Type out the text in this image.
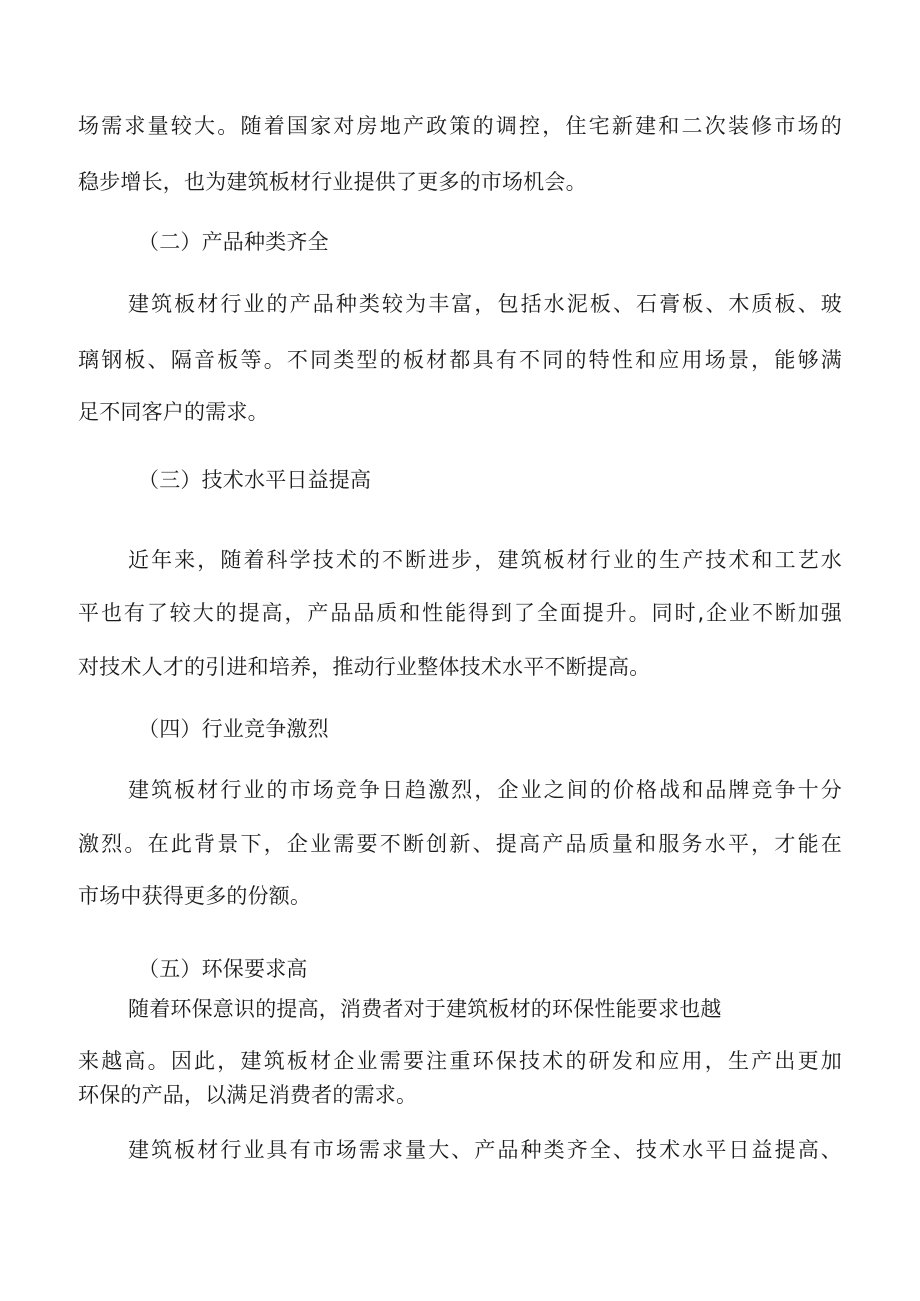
场需求量较大。随着国家对房地产政策的调控，住宅新建和二次装修市场的
稳步增长，也为建筑板材行业提供了更多的市场机会。
（二）产品种类齐全
建筑板材行业的产品种类较为丰富，包括水泥板、石膏板、木质板、玻
璃钢板、隔音板等。不同类型的板材都具有不同的特性和应用场景，能够满
足不同客户的需求。
（三）技术水平日益提高
近年来，随着科学技术的不断进步，建筑板材行业的生产技术和工艺水
平也有了较大的提高，产品品质和性能得到了全面提升。同时,企业不断加强
对技术人才的引进和培养，推动行业整体技术水平不断提高。
（四）行业竞争激烈
建筑板材行业的市场竞争日趋激烈，企业之间的价格战和品牌竞争十分
激烈。在此背景下，企业需要不断创新、提高产品质量和服务水平，才能在
市场中获得更多的份额。
（五）环保要求高
随着环保意识的提高，消费者对于建筑板材的环保性能要求也越
来越高。因此，建筑板材企业需要注重环保技术的研发和应用，生产出更加
环保的产品，以满足消费者的需求。
建筑板材行业具有市场需求量大、产品种类齐全、技术水平日益提高、
